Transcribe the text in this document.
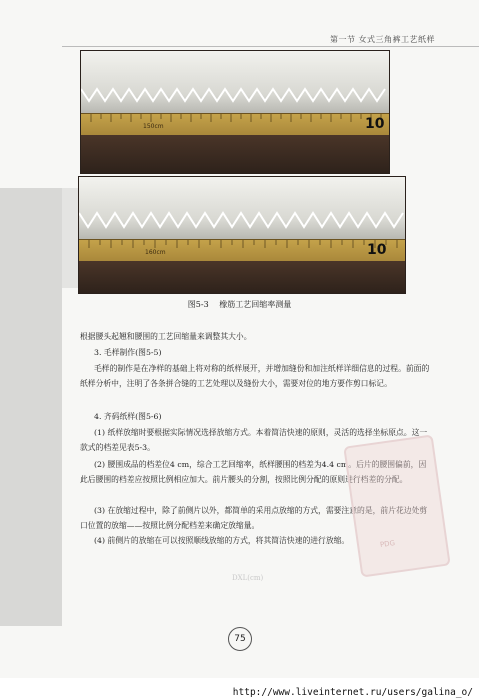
第一节 女式三角裤工艺纸样
150cm	10
160cm	10
图5-3 橡筋工艺回缩率测量
根据腰头起翘和腰围的工艺回缩量来调整其大小。
3. 毛样制作(图5-5)
毛样的制作是在净样的基础上将对称的纸样展开，并增加缝份和加注纸样详细信息的过程。前面的纸样分析中，注明了各条拼合缝的工艺处理以及缝份大小，需要对位的地方要作剪口标记。
4. 齐码纸样(图5-6)
(1) 纸样放缩时要根据实际情况选择放缩方式。本着简洁快速的原则，灵活的选择坐标原点。这一款式的档差见表5-3。
(2) 腰围成品的档差位4 cm，综合工艺回缩率，纸样腰围的档差为4.4 cm。后片的腰围偏前，因此后腰围的档差应按照比例相应加大。前片腰头的分割，按照比例分配的原则进行档差的分配。
(3) 在放缩过程中，除了前侧片以外，都简单的采用点放缩的方式，需要注意的是，前片花边处剪口位置的放缩——按照比例分配档差来确定放缩量。
(4) 前侧片的放缩在可以按照顺线放缩的方式，将其简洁快速的进行放缩。	PDG
DXL(cm)
75
http://www.liveinternet.ru/users/galina_o/
